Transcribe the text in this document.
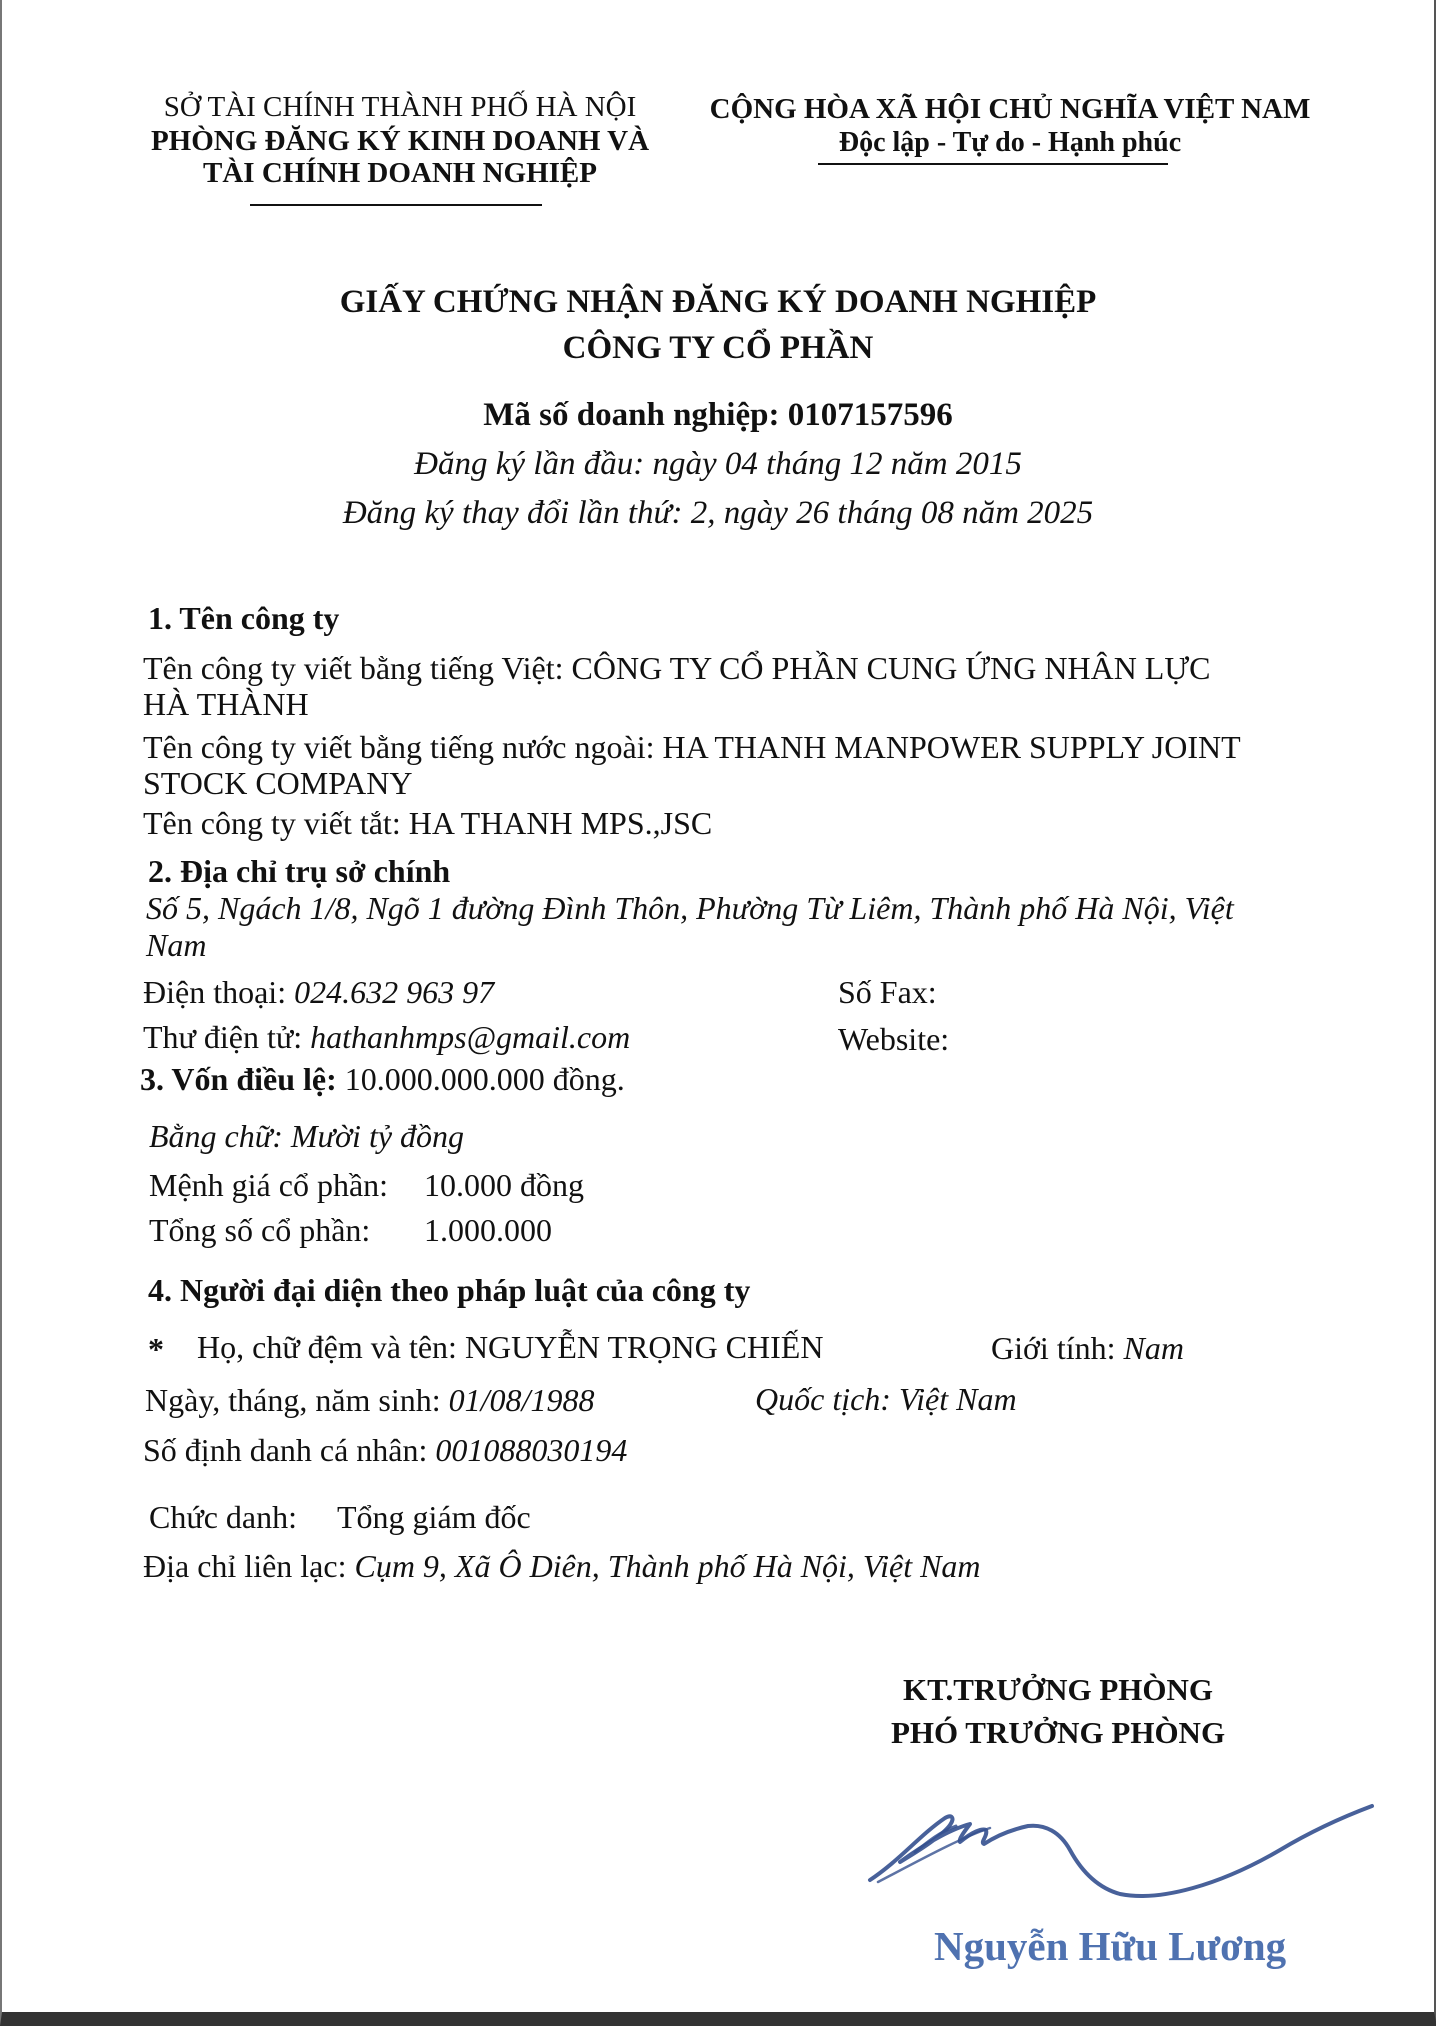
SỞ TÀI CHÍNH THÀNH PHỐ HÀ NỘI
PHÒNG ĐĂNG KÝ KINH DOANH VÀ
TÀI CHÍNH DOANH NGHIỆP
CỘNG HÒA XÃ HỘI CHỦ NGHĨA VIỆT NAM
Độc lập - Tự do - Hạnh phúc
GIẤY CHỨNG NHẬN ĐĂNG KÝ DOANH NGHIỆP
CÔNG TY CỔ PHẦN
Mã số doanh nghiệp: 0107157596
Đăng ký lần đầu: ngày 04 tháng 12 năm 2015
Đăng ký thay đổi lần thứ: 2, ngày 26 tháng 08 năm 2025
1. Tên công ty
Tên công ty viết bằng tiếng Việt: CÔNG TY CỔ PHẦN CUNG ỨNG NHÂN LỰC
HÀ THÀNH
Tên công ty viết bằng tiếng nước ngoài: HA THANH MANPOWER SUPPLY JOINT
STOCK COMPANY
Tên công ty viết tắt: HA THANH MPS.,JSC
2. Địa chỉ trụ sở chính
Số 5, Ngách 1/8, Ngõ 1 đường Đình Thôn, Phường Từ Liêm, Thành phố Hà Nội, Việt
Nam
Điện thoại: 024.632 963 97	Số Fax:
Thư điện tử: hathanhmps@gmail.com	Website:
3. Vốn điều lệ: 10.000.000.000 đồng.
Bằng chữ: Mười tỷ đồng
Mệnh giá cổ phần: 10.000 đồng
Tổng số cổ phần: 1.000.000
4. Người đại diện theo pháp luật của công ty
* Họ, chữ đệm và tên: NGUYỄN TRỌNG CHIẾN	Giới tính: Nam
Ngày, tháng, năm sinh: 01/08/1988	Quốc tịch: Việt Nam
Số định danh cá nhân: 001088030194
Chức danh: Tổng giám đốc
Địa chỉ liên lạc: Cụm 9, Xã Ô Diên, Thành phố Hà Nội, Việt Nam
KT.TRƯỞNG PHÒNG
PHÓ TRƯỞNG PHÒNG
Nguyễn Hữu Lương
